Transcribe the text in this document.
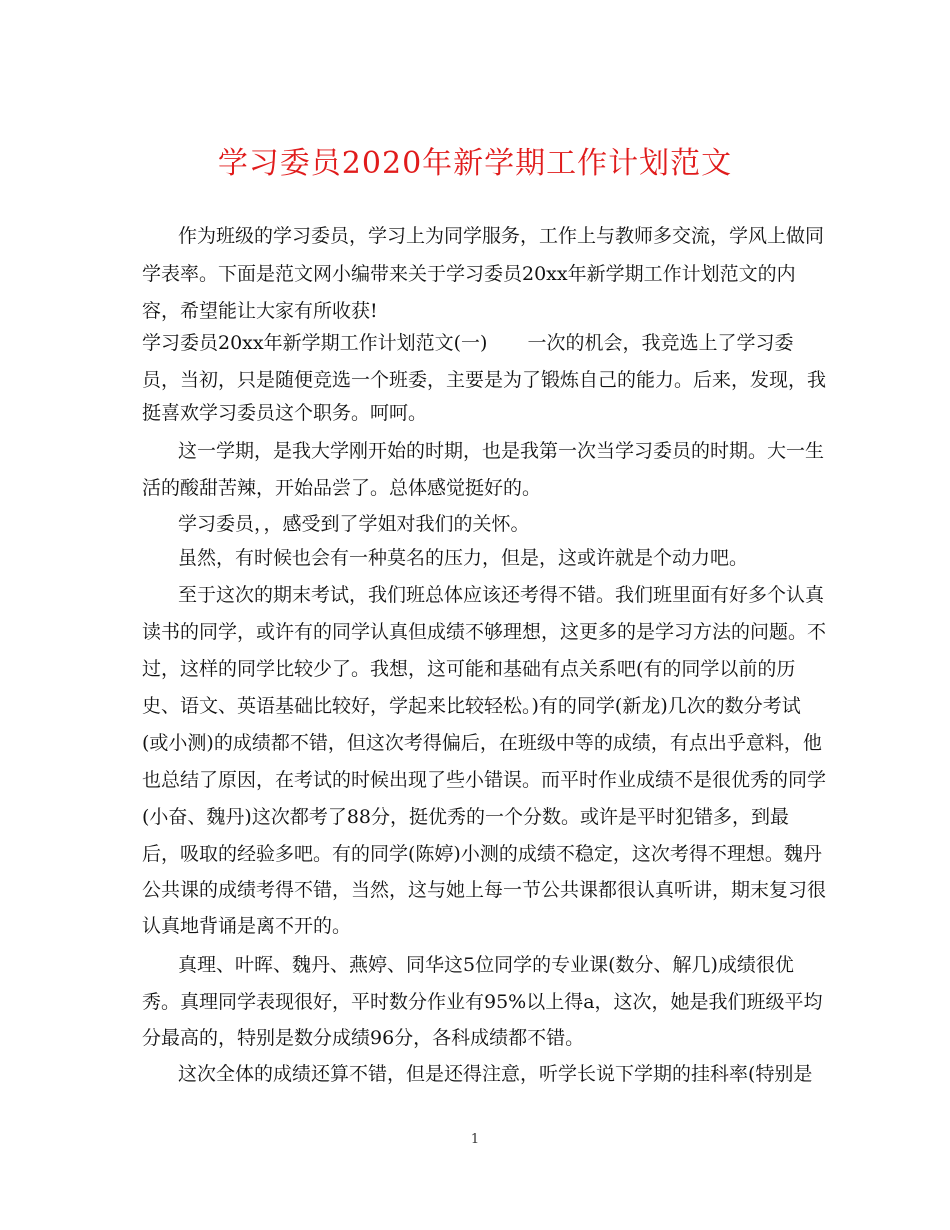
学习委员2020年新学期工作计划范文
作为班级的学习委员，学习上为同学服务，工作上与教师多交流，学风上做同
学表率。下面是范文网小编带来关于学习委员20xx年新学期工作计划范文的内
容，希望能让大家有所收获!
学习委员20xx年新学期工作计划范文(一) 一次的机会，我竞选上了学习委
员，当初，只是随便竞选一个班委，主要是为了锻炼自己的能力。后来，发现，我
挺喜欢学习委员这个职务。呵呵。
这一学期，是我大学刚开始的时期，也是我第一次当学习委员的时期。大一生
活的酸甜苦辣，开始品尝了。总体感觉挺好的。
学习委员，，感受到了学姐对我们的关怀。
虽然，有时候也会有一种莫名的压力，但是，这或许就是个动力吧。
至于这次的期末考试，我们班总体应该还考得不错。我们班里面有好多个认真
读书的同学，或许有的同学认真但成绩不够理想，这更多的是学习方法的问题。不
过，这样的同学比较少了。我想，这可能和基础有点关系吧(有的同学以前的历
史、语文、英语基础比较好，学起来比较轻松。)有的同学(新龙)几次的数分考试
(或小测)的成绩都不错，但这次考得偏后，在班级中等的成绩，有点出乎意料，他
也总结了原因，在考试的时候出现了些小错误。而平时作业成绩不是很优秀的同学
(小奋、魏丹)这次都考了88分，挺优秀的一个分数。或许是平时犯错多，到最
后，吸取的经验多吧。有的同学(陈婷)小测的成绩不稳定，这次考得不理想。魏丹
公共课的成绩考得不错，当然，这与她上每一节公共课都很认真听讲，期末复习很
认真地背诵是离不开的。
真理、叶晖、魏丹、燕婷、同华这5位同学的专业课(数分、解几)成绩很优
秀。真理同学表现很好，平时数分作业有95%以上得a，这次，她是我们班级平均
分最高的，特别是数分成绩96分，各科成绩都不错。
这次全体的成绩还算不错，但是还得注意，听学长说下学期的挂科率(特别是
1
